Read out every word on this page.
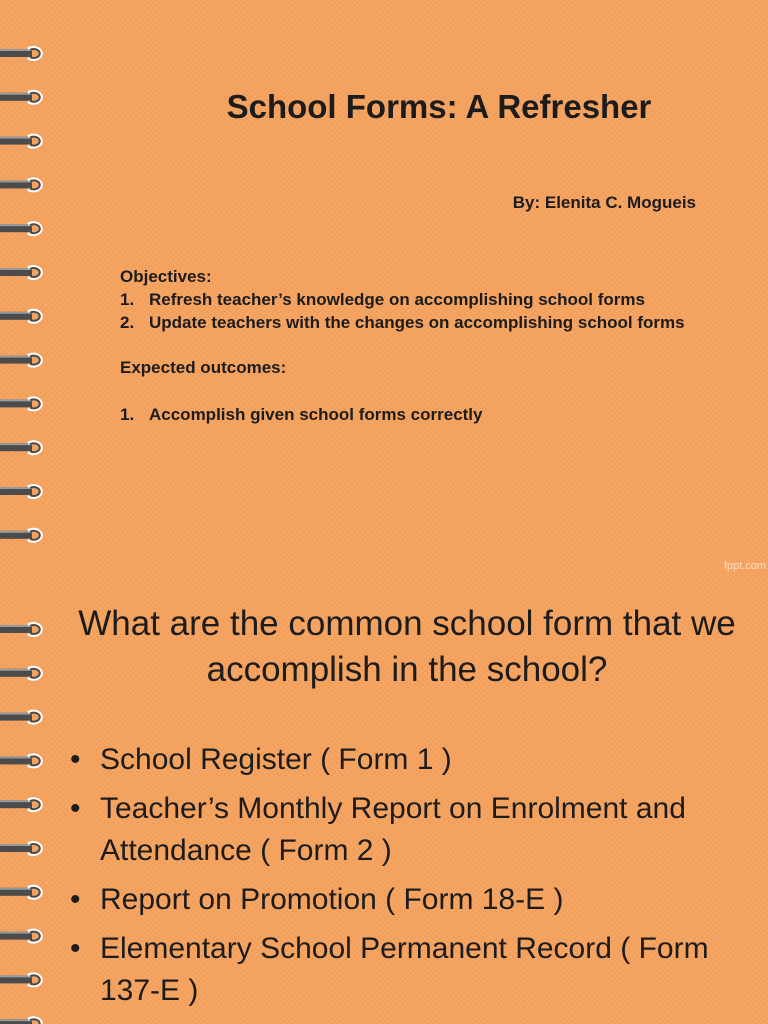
School Forms: A Refresher
By: Elenita C. Mogueis
Objectives:
1. Refresh teacher’s knowledge on accomplishing school forms
2. Update teachers with the changes on accomplishing school forms
Expected outcomes:
1. Accomplish given school forms correctly
fppt.com
What are the common school form that we accomplish in the school?
• School Register ( Form 1 )
• Teacher’s Monthly Report on Enrolment and Attendance ( Form 2 )
• Report on Promotion ( Form 18-E )
• Elementary School Permanent Record ( Form 137-E )
